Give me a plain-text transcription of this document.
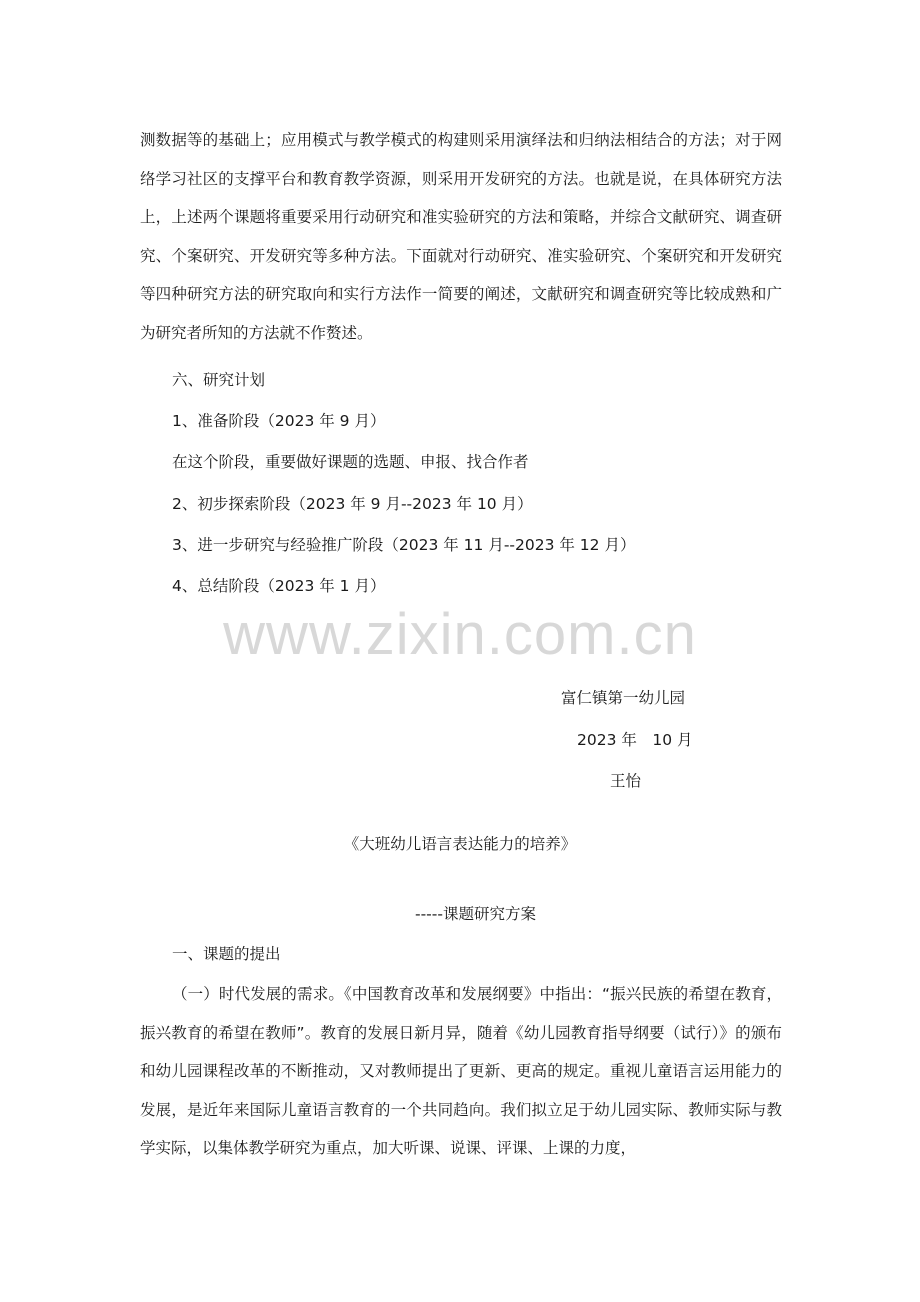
测数据等的基础上；应用模式与教学模式的构建则采用演绎法和归纳法相结合的方法；对于网络学习社区的支撑平台和教育教学资源，则采用开发研究的方法。也就是说，在具体研究方法上，上述两个课题将重要采用行动研究和准实验研究的方法和策略，并综合文献研究、调查研究、个案研究、开发研究等多种方法。下面就对行动研究、准实验研究、个案研究和开发研究等四种研究方法的研究取向和实行方法作一简要的阐述，文献研究和调查研究等比较成熟和广为研究者所知的方法就不作赘述。

六、研究计划

1、准备阶段（2023 年 9 月）

在这个阶段，重要做好课题的选题、申报、找合作者

2、初步探索阶段（2023 年 9 月--2023 年 10 月）

3、进一步研究与经验推广阶段（2023 年 11 月--2023 年 12 月）

4、总结阶段（2023 年 1 月）

www.zixin.com.cn

富仁镇第一幼儿园

2023 年　10 月

王怡

《大班幼儿语言表达能力的培养》

-----课题研究方案

一、课题的提出

（一）时代发展的需求。《中国教育改革和发展纲要》中指出：“振兴民族的希望在教育，振兴教育的希望在教师”。教育的发展日新月异，随着《幼儿园教育指导纲要（试行）》的颁布和幼儿园课程改革的不断推动，又对教师提出了更新、更高的规定。重视儿童语言运用能力的发展，是近年来国际儿童语言教育的一个共同趋向。我们拟立足于幼儿园实际、教师实际与教学实际，以集体教学研究为重点，加大听课、说课、评课、上课的力度，
